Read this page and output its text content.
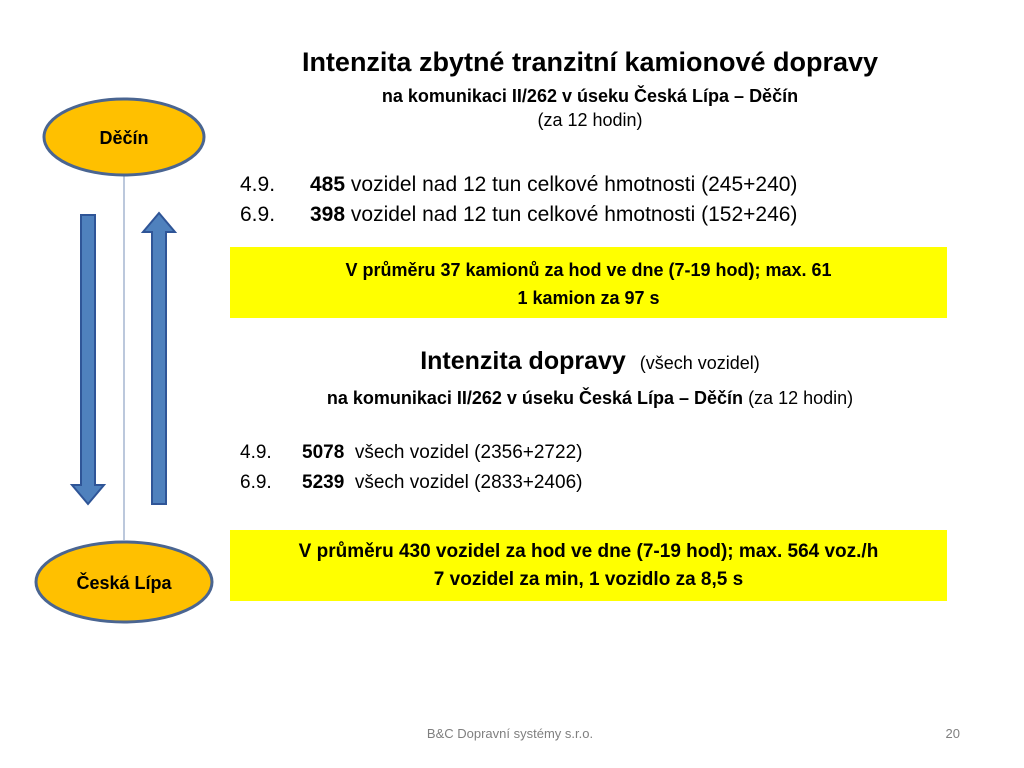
Děčín
Česká Lípa
Intenzita zbytné tranzitní kamionové dopravy
na komunikaci II/262 v úseku Česká Lípa – Děčín
(za 12 hodin)
4.9. 485 vozidel nad 12 tun celkové hmotnosti (245+240)
6.9. 398 vozidel nad 12 tun celkové hmotnosti (152+246)
V průměru 37 kamionů za hod ve dne (7-19 hod); max. 61
1 kamion za 97 s
Intenzita dopravy (všech vozidel)
na komunikaci II/262 v úseku Česká Lípa – Děčín (za 12 hodin)
4.9. 5078 všech vozidel (2356+2722)
6.9. 5239 všech vozidel (2833+2406)
V průměru 430 vozidel za hod ve dne (7-19 hod); max. 564 voz./h
7 vozidel za min, 1 vozidlo za 8,5 s
B&C Dopravní systémy s.r.o.	20
